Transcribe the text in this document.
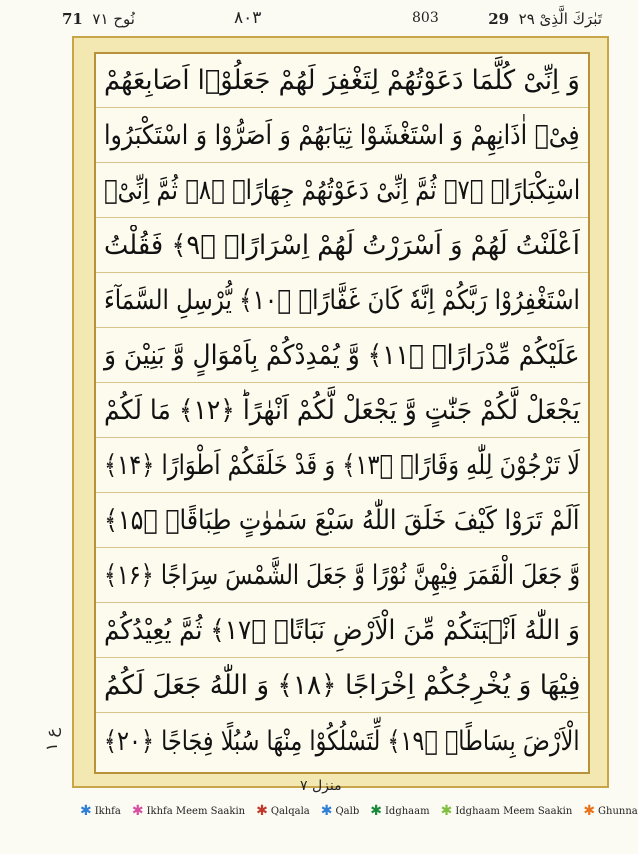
نُوح ٧١  71	٨٠٣	803	تَبٰرَكَ الَّذِیْ ٢٩  29
وَ اِنِّیْ كُلَّمَا دَعَوْتُهُمْ لِتَغْفِرَ لَهُمْ جَعَلُوْۤا اَصَابِعَهُمْ
فِیْۤ اٰذَانِهِمْ وَ اسْتَغْشَوْا ثِیَابَهُمْ وَ اَصَرُّوْا وَ اسْتَكْبَرُوا
اسْتِكْبَارًاۚ ﴿۷﴾ ثُمَّ اِنِّیْ دَعَوْتُهُمْ جِهَارًاۙ ﴿۸﴾ ثُمَّ اِنِّیْۤ
اَعْلَنْتُ لَهُمْ وَ اَسْرَرْتُ لَهُمْ اِسْرَارًاۙ ﴿۹﴾ فَقُلْتُ
اسْتَغْفِرُوْا رَبَّكُمْ اِنَّهٗ كَانَ غَفَّارًاۙ ﴿۱۰﴾ یُّرْسِلِ السَّمَآءَ
عَلَیْكُمْ مِّدْرَارًاۙ ﴿۱۱﴾ وَّ یُمْدِدْكُمْ بِاَمْوَالٍ وَّ بَنِیْنَ وَ
یَجْعَلْ لَّكُمْ جَنّٰتٍ وَّ یَجْعَلْ لَّكُمْ اَنْهٰرًاؕ ﴿۱۲﴾ مَا لَكُمْ
لَا تَرْجُوْنَ لِلّٰهِ وَقَارًاۚ ﴿۱۳﴾ وَ قَدْ خَلَقَكُمْ اَطْوَارًا ﴿۱۴﴾
اَلَمْ تَرَوْا كَیْفَ خَلَقَ اللّٰهُ سَبْعَ سَمٰوٰتٍ طِبَاقًاۙ ﴿۱۵﴾
وَّ جَعَلَ الْقَمَرَ فِیْهِنَّ نُوْرًا وَّ جَعَلَ الشَّمْسَ سِرَاجًا ﴿۱۶﴾
وَ اللّٰهُ اَنْۢبَتَكُمْ مِّنَ الْاَرْضِ نَبَاتًاۙ ﴿۱۷﴾ ثُمَّ یُعِیْدُكُمْ
فِیْهَا وَ یُخْرِجُكُمْ اِخْرَاجًا ﴿۱۸﴾ وَ اللّٰهُ جَعَلَ لَكُمُ
الْاَرْضَ بِسَاطًاۙ ﴿۱۹﴾ لِّتَسْلُكُوْا مِنْهَا سُبُلًا فِجَاجًا ﴿۲۰﴾
ع ۱
منزل ٧
✱ Ikhfa ✱ Ikhfa Meem Saakin ✱ Qalqala ✱ Qalb ✱ Idghaam ✱ Idghaam Meem Saakin ✱ Ghunna
